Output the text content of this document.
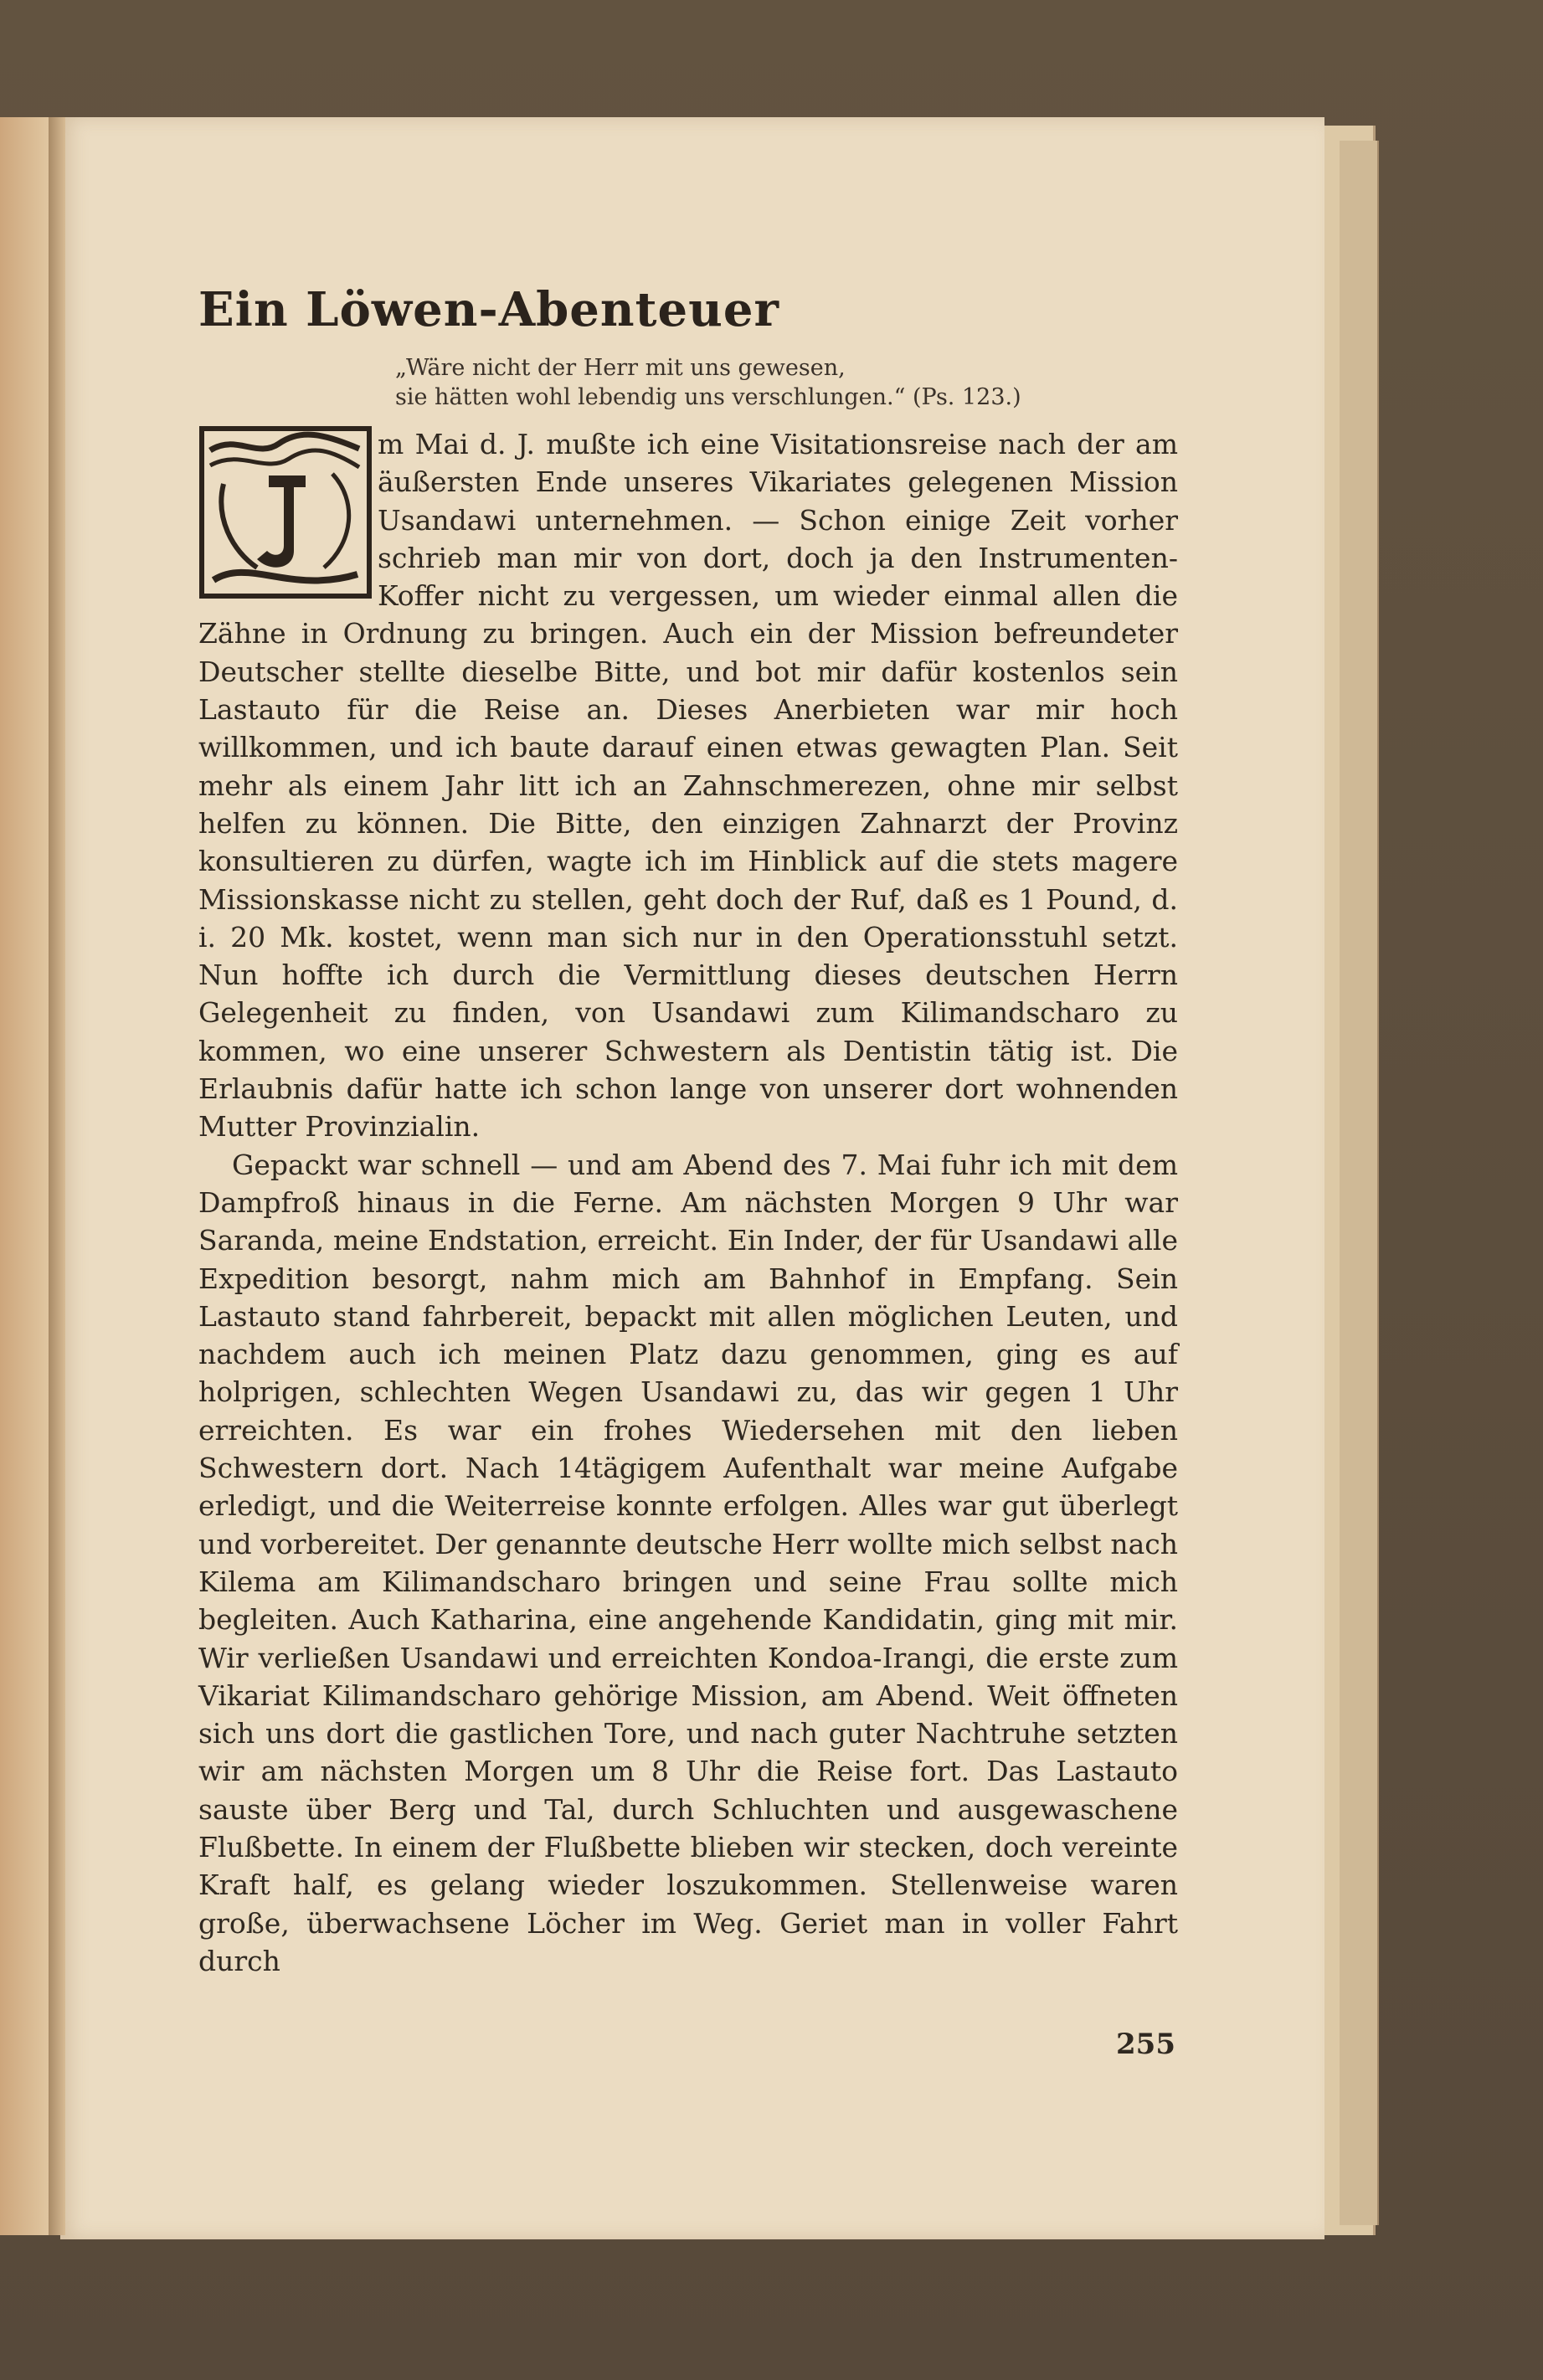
Ein Löwen-Abenteuer
„Wäre nicht der Herr mit uns gewesen,
sie hätten wohl lebendig uns verschlungen.“ (Ps. 123.)
I

m Mai d. J. mußte ich eine Visitationsreise nach der am äußersten Ende unseres Vikariates gelegenen Mission Usandawi unternehmen. — Schon einige Zeit vorher schrieb man mir von dort, doch ja den Instrumenten-Koffer nicht zu vergessen, um wieder einmal allen die Zähne in Ordnung zu bringen. Auch ein der Mission befreundeter Deutscher stellte dieselbe Bitte, und bot mir dafür kostenlos sein Lastauto für die Reise an. Dieses Anerbieten war mir hoch willkommen, und ich baute darauf einen etwas gewagten Plan. Seit mehr als einem Jahr litt ich an Zahnschmerezen, ohne mir selbst helfen zu können. Die Bitte, den einzigen Zahnarzt der Provinz konsultieren zu dürfen, wagte ich im Hinblick auf die stets magere Missionskasse nicht zu stellen, geht doch der Ruf, daß es 1 Pound, d. i. 20 Mk. kostet, wenn man sich nur in den Operationsstuhl setzt. Nun hoffte ich durch die Vermittlung dieses deutschen Herrn Gelegenheit zu finden, von Usandawi zum Kilimandscharo zu kommen, wo eine unserer Schwestern als Dentistin tätig ist. Die Erlaubnis dafür hatte ich schon lange von unserer dort wohnenden Mutter Provinzialin.

Gepackt war schnell — und am Abend des 7. Mai fuhr ich mit dem Dampfroß hinaus in die Ferne. Am nächsten Morgen 9 Uhr war Saranda, meine Endstation, erreicht. Ein Inder, der für Usandawi alle Expedition besorgt, nahm mich am Bahnhof in Empfang. Sein Lastauto stand fahrbereit, bepackt mit allen möglichen Leuten, und nachdem auch ich meinen Platz dazu genommen, ging es auf holprigen, schlechten Wegen Usandawi zu, das wir gegen 1 Uhr erreichten. Es war ein frohes Wiedersehen mit den lieben Schwestern dort. Nach 14tägigem Aufenthalt war meine Aufgabe erledigt, und die Weiterreise konnte erfolgen. Alles war gut überlegt und vorbereitet. Der genannte deutsche Herr wollte mich selbst nach Kilema am Kilimandscharo bringen und seine Frau sollte mich begleiten. Auch Katharina, eine angehende Kandidatin, ging mit mir. Wir verließen Usandawi und erreichten Kondoa-Irangi, die erste zum Vikariat Kilimandscharo gehörige Mission, am Abend. Weit öffneten sich uns dort die gastlichen Tore, und nach guter Nachtruhe setzten wir am nächsten Morgen um 8 Uhr die Reise fort. Das Lastauto sauste über Berg und Tal, durch Schluchten und ausgewaschene Flußbette. In einem der Flußbette blieben wir stecken, doch vereinte Kraft half, es gelang wieder loszukommen. Stellenweise waren große, überwachsene Löcher im Weg. Geriet man in voller Fahrt durch

255
